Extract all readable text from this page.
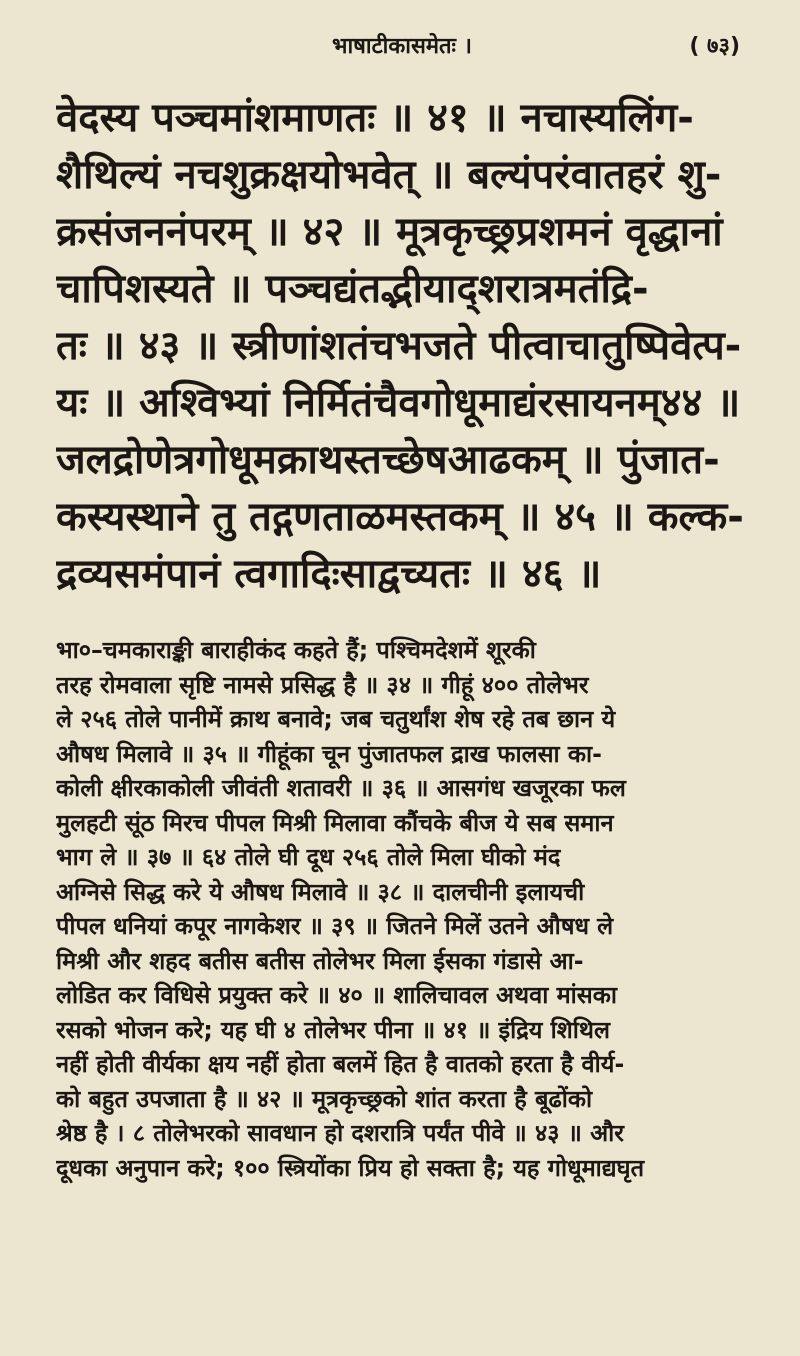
भाषाटीकासमेतः ।	( ७३)
वेदस्य पञ्चमांशमाणतः ॥ ४१ ॥ नचास्यलिंग-
शैथिल्यं नचशुक्रक्षयोभवेत् ॥ बल्यंपरंवातहरं शु-
क्रसंजननंपरम् ॥ ४२ ॥ मूत्रकृच्छ्रप्रशमनं वृद्धानां
चापिशस्यते ॥ पञ्चद्यंतद्भीयाद्शरात्रमतंद्रि-
तः ॥ ४३ ॥ स्त्रीणांशतंचभजते पीत्वाचातुष्पिवेत्प-
यः ॥ अश्विभ्यां निर्मितंचैवगोधूमाद्यंरसायनम्४४ ॥
जलद्रोणेत्रगोधूमक्राथस्तच्छेषआढकम् ॥ पुंजात-
कस्यस्थाने तु तद्गणताळमस्तकम् ॥ ४५ ॥ कल्क-
द्रव्यसमंपानं त्वगादिःसाद्वच्यतः ॥ ४६ ॥
भा०–चमकाराङ्की बाराहीकंद कहते हैं; पश्चिमदेशमें शूरकी
तरह रोमवाला सृष्टि नामसे प्रसिद्ध है ॥ ३४ ॥ गीहूं ४०० तोलेभर
ले २५६ तोले पानीमें क्राथ बनावे; जब चतुर्थांश शेष रहे तब छान ये
औषध मिलावे ॥ ३५ ॥ गीहूंका चून पुंजातफल द्राख फालसा का-
कोली क्षीरकाकोली जीवंती शतावरी ॥ ३६ ॥ आसगंध खजूरका फल
मुलहटी सूंठ मिरच पीपल मिश्री मिलावा कौंचके बीज ये सब समान
भाग ले ॥ ३७ ॥ ६४ तोले घी दूध २५६ तोले मिला घीको मंद
अग्निसे सिद्ध करे ये औषध मिलावे ॥ ३८ ॥ दालचीनी इलायची
पीपल धनियां कपूर नागकेशर ॥ ३९ ॥ जितने मिलें उतने औषध ले
मिश्री और शहद बतीस बतीस तोलेभर मिला ईसका गंडासे आ-
लोडित कर विधिसे प्रयुक्त करे ॥ ४० ॥ शालिचावल अथवा मांसका
रसको भोजन करे; यह घी ४ तोलेभर पीना ॥ ४१ ॥ इंद्रिय शिथिल
नहीं होती वीर्यका क्षय नहीं होता बलमें हित है वातको हरता है वीर्य-
को बहुत उपजाता है ॥ ४२ ॥ मूत्रकृच्छ्रको शांत करता है बूढोंको
श्रेष्ठ है । ८ तोलेभरको सावधान हो दशरात्रि पर्यंत पीवे ॥ ४३ ॥ और
दूधका अनुपान करे; १०० स्त्रियोंका प्रिय हो सक्ता है; यह गोधूमाद्यघृत
